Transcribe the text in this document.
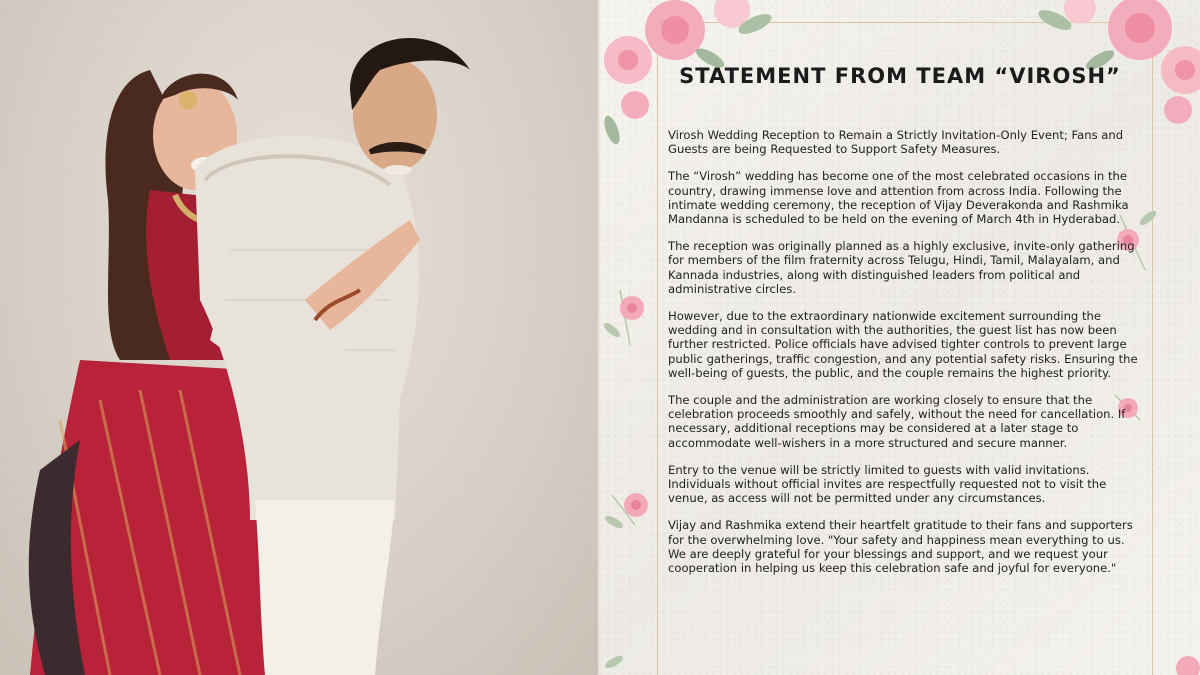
STATEMENT FROM TEAM “VIROSH”

Virosh Wedding Reception to Remain a Strictly Invitation-Only Event; Fans and Guests are being Requested to Support Safety Measures.

The “Virosh” wedding has become one of the most celebrated occasions in the country, drawing immense love and attention from across India. Following the intimate wedding ceremony, the reception of Vijay Deverakonda and Rashmika Mandanna is scheduled to be held on the evening of March 4th in Hyderabad.

The reception was originally planned as a highly exclusive, invite-only gathering for members of the film fraternity across Telugu, Hindi, Tamil, Malayalam, and Kannada industries, along with distinguished leaders from political and administrative circles.

However, due to the extraordinary nationwide excitement surrounding the wedding and in consultation with the authorities, the guest list has now been further restricted. Police officials have advised tighter controls to prevent large public gatherings, traffic congestion, and any potential safety risks. Ensuring the well-being of guests, the public, and the couple remains the highest priority.

The couple and the administration are working closely to ensure that the celebration proceeds smoothly and safely, without the need for cancellation. If necessary, additional receptions may be considered at a later stage to accommodate well-wishers in a more structured and secure manner.

Entry to the venue will be strictly limited to guests with valid invitations. Individuals without official invites are respectfully requested not to visit the venue, as access will not be permitted under any circumstances.

Vijay and Rashmika extend their heartfelt gratitude to their fans and supporters for the overwhelming love. "Your safety and happiness mean everything to us. We are deeply grateful for your blessings and support, and we request your cooperation in helping us keep this celebration safe and joyful for everyone."
